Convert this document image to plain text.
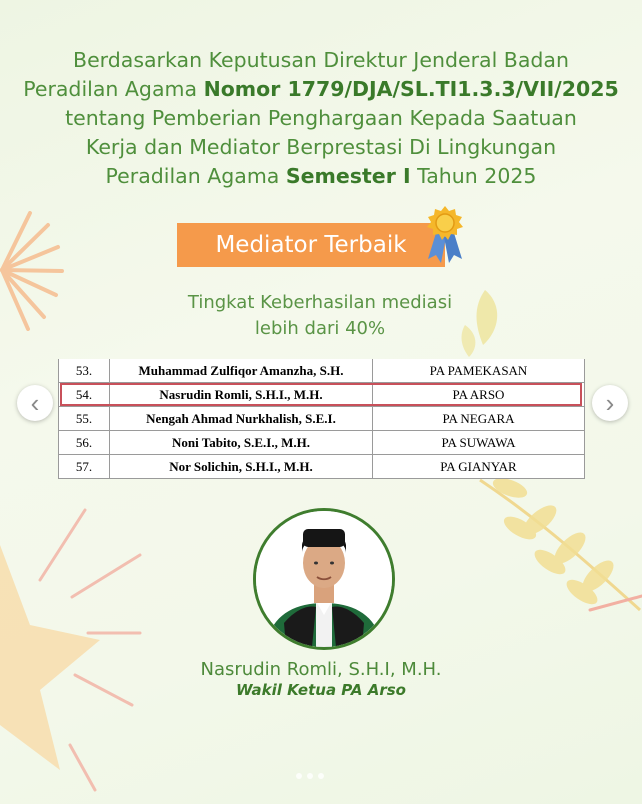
Berdasarkan Keputusan Direktur Jenderal Badan
Peradilan Agama Nomor 1779/DJA/SL.TI1.3.3/VII/2025
tentang Pemberian Penghargaan Kepada Saatuan
Kerja dan Mediator Berprestasi Di Lingkungan
Peradilan Agama Semester I Tahun 2025
Mediator Terbaik
Tingkat Keberhasilan mediasi
lebih dari 40%
53.	Muhammad Zulfiqor Amanzha, S.H.	PA PAMEKASAN
54.	Nasrudin Romli, S.H.I., M.H.	PA ARSO
55.	Nengah Ahmad Nurkhalish, S.E.I.	PA NEGARA
56.	Noni Tabito, S.E.I., M.H.	PA SUWAWA
57.	Nor Solichin, S.H.I., M.H.	PA GIANYAR
‹	›
Nasrudin Romli, S.H.I, M.H.
Wakil Ketua PA Arso
